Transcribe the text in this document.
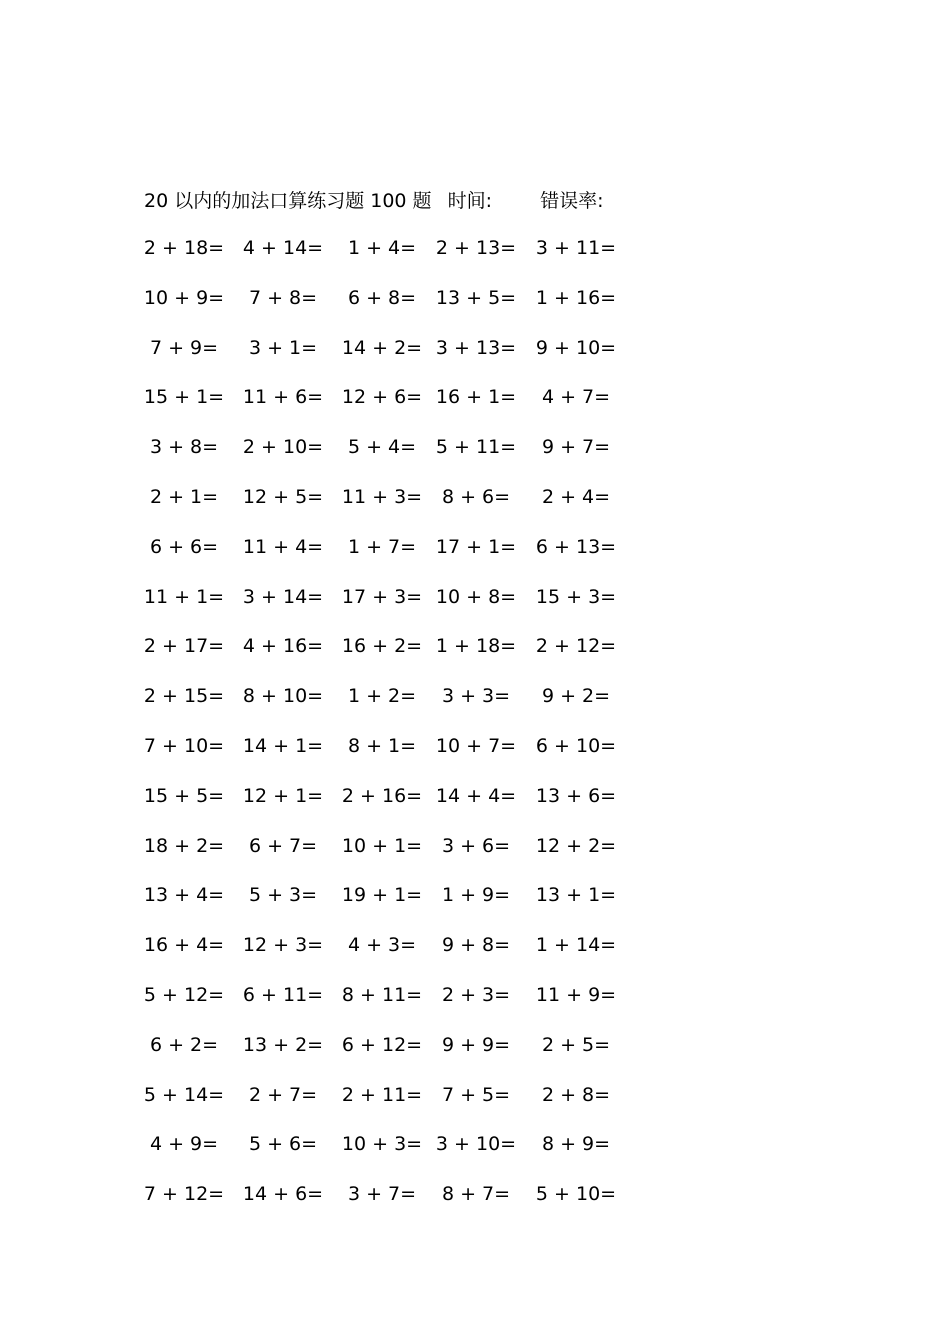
20 以内的加法口算练习题 100 题 时间:	错误率:
2 + 18= 4 + 14=	1 + 4=	2 + 13=	3 + 11=
10 + 9=	7 + 8=	6 + 8=	13 + 5=	1 + 16=
7 + 9=	3 + 1=	14 + 2= 3 + 13=	9 + 10=
15 + 1= 11 + 6= 12 + 6= 16 + 1=	4 + 7=
3 + 8=	2 + 10=	5 + 4=	5 + 11=	9 + 7=
2 + 1=	12 + 5= 11 + 3=	8 + 6=	2 + 4=
6 + 6=	11 + 4=	1 + 7=	17 + 1=	6 + 13=
11 + 1= 3 + 14= 17 + 3= 10 + 8=	15 + 3=
2 + 17= 4 + 16= 16 + 2= 1 + 18=	2 + 12=
2 + 15= 8 + 10=	1 + 2=	3 + 3=	9 + 2=
7 + 10= 14 + 1=	8 + 1=	10 + 7=	6 + 10=
15 + 5= 12 + 1= 2 + 16= 14 + 4=	13 + 6=
18 + 2=	6 + 7=	10 + 1=	3 + 6=	12 + 2=
13 + 4=	5 + 3=	19 + 1=	1 + 9=	13 + 1=
16 + 4= 12 + 3=	4 + 3=	9 + 8=	1 + 14=
5 + 12= 6 + 11= 8 + 11=	2 + 3=	11 + 9=
6 + 2=	13 + 2= 6 + 12=	9 + 9=	2 + 5=
5 + 14=	2 + 7=	2 + 11=	7 + 5=	2 + 8=
4 + 9=	5 + 6=	10 + 3= 3 + 10=	8 + 9=
7 + 12= 14 + 6=	3 + 7=	8 + 7=	5 + 10=
